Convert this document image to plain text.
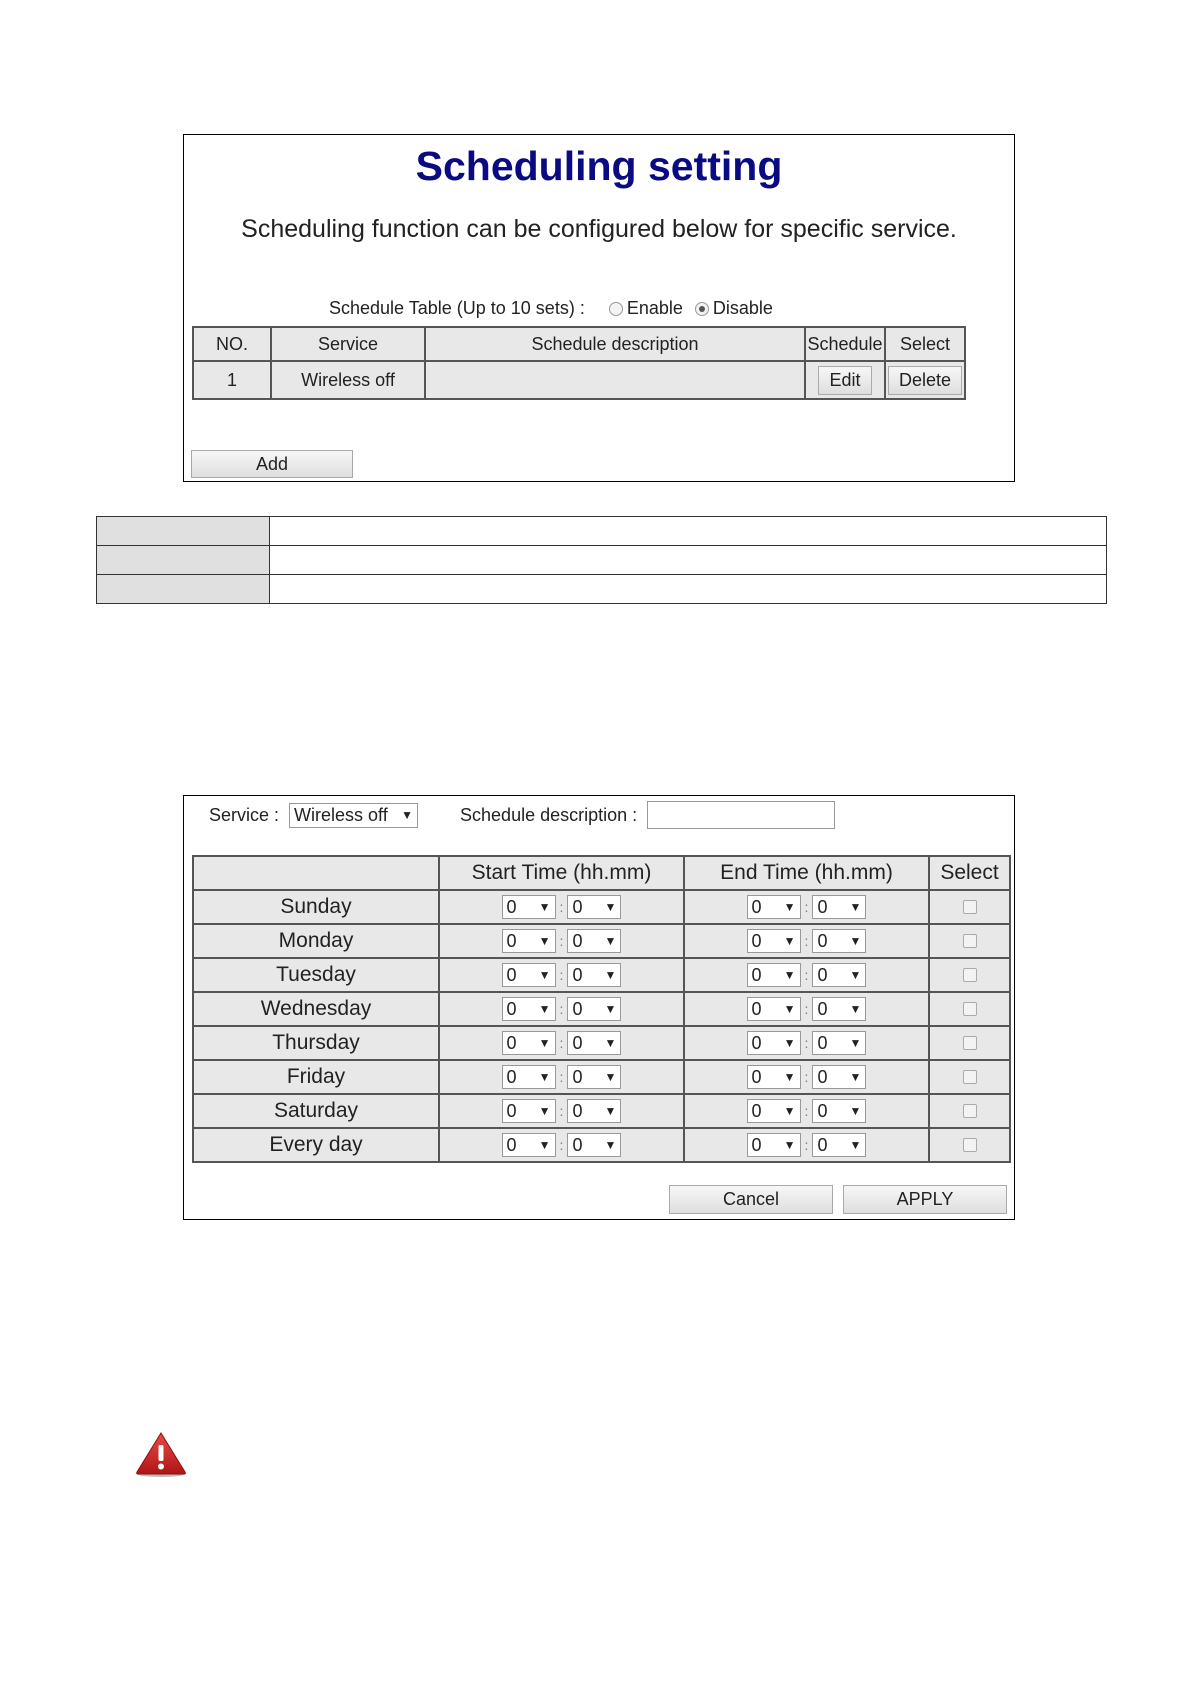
Scheduling setting
Scheduling function can be configured below for specific service.
Schedule Table (Up to 10 sets) : Enable Disable
NO.	Service	Schedule description	Schedule	Select
1	Wireless off		Edit	Delete
Add

Service : Wireless off ▼	Schedule description :
	Start Time (hh.mm)	End Time (hh.mm)	Select
Sunday	0 ▼ : 0 ▼	0 ▼ : 0 ▼	

Monday	0 ▼ : 0 ▼	0 ▼ : 0 ▼	

Tuesday	0 ▼ : 0 ▼	0 ▼ : 0 ▼	

Wednesday	0 ▼ : 0 ▼	0 ▼ : 0 ▼	

Thursday	0 ▼ : 0 ▼	0 ▼ : 0 ▼	

Friday	0 ▼ : 0 ▼	0 ▼ : 0 ▼	

Saturday	0 ▼ : 0 ▼	0 ▼ : 0 ▼	

Every day	0 ▼ : 0 ▼	0 ▼ : 0 ▼	

Cancel	APPLY
